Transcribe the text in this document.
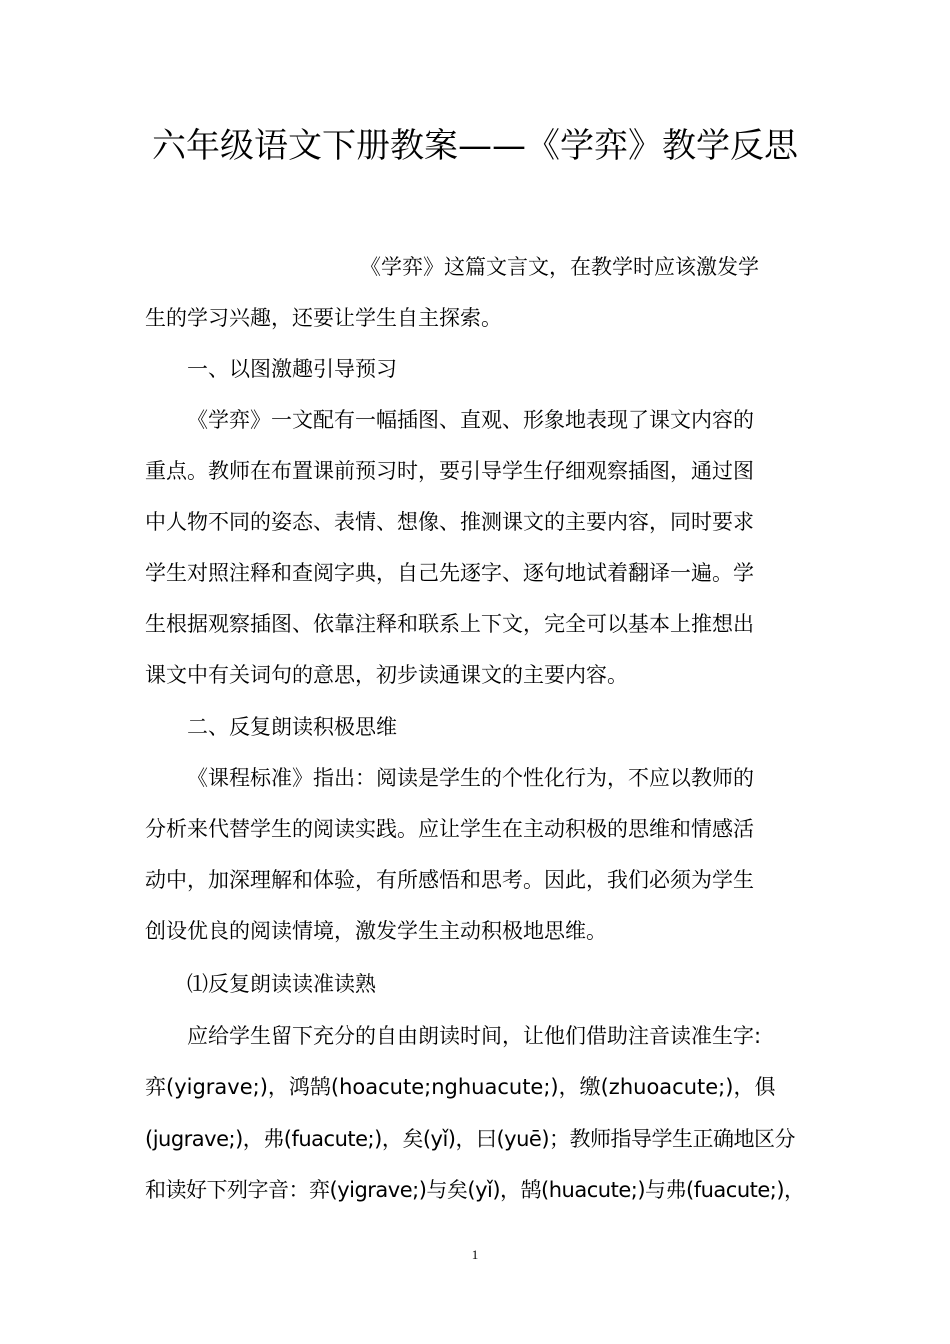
六年级语文下册教案——《学弈》教学反思
《学弈》这篇文言文，在教学时应该激发学
生的学习兴趣，还要让学生自主探索。
一、以图激趣引导预习
《学弈》一文配有一幅插图、直观、形象地表现了课文内容的
重点。教师在布置课前预习时，要引导学生仔细观察插图，通过图
中人物不同的姿态、表情、想像、推测课文的主要内容，同时要求
学生对照注释和查阅字典，自己先逐字、逐句地试着翻译一遍。学
生根据观察插图、依靠注释和联系上下文，完全可以基本上推想出
课文中有关词句的意思，初步读通课文的主要内容。
二、反复朗读积极思维
《课程标准》指出：阅读是学生的个性化行为，不应以教师的
分析来代替学生的阅读实践。应让学生在主动积极的思维和情感活
动中，加深理解和体验，有所感悟和思考。因此，我们必须为学生
创设优良的阅读情境，激发学生主动积极地思维。
⑴反复朗读读准读熟
应给学生留下充分的自由朗读时间，让他们借助注音读准生字:
弈(yigrave;)，鸿鹄(hoacute;nghuacute;)，缴(zhuoacute;)，俱
(jugrave;)，弗(fuacute;)，矣(yǐ)，曰(yuē)；教师指导学生正确地区分
和读好下列字音：弈(yigrave;)与矣(yǐ)，鹄(huacute;)与弗(fuacute;)，
1
